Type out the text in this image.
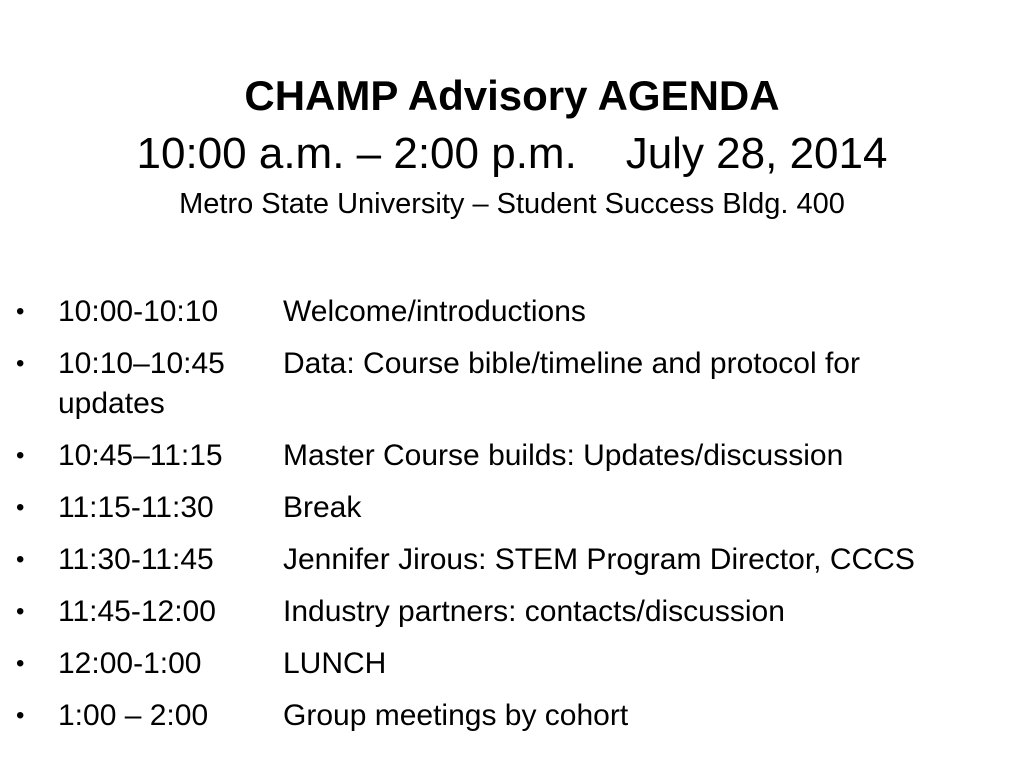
CHAMP Advisory AGENDA

10:00 a.m. – 2:00 p.m. July 28, 2014

Metro State University – Student Success Bldg. 400

•	10:00-10:10	Welcome/introductions
•	10:10–10:45	Data: Course bible/timeline and protocol for
updates
•	10:45–11:15	Master Course builds: Updates/discussion
•	11:15-11:30	Break
•	11:30-11:45	Jennifer Jirous: STEM Program Director, CCCS
•	11:45-12:00	Industry partners: contacts/discussion
•	12:00-1:00	LUNCH
•	1:00 – 2:00	Group meetings by cohort
